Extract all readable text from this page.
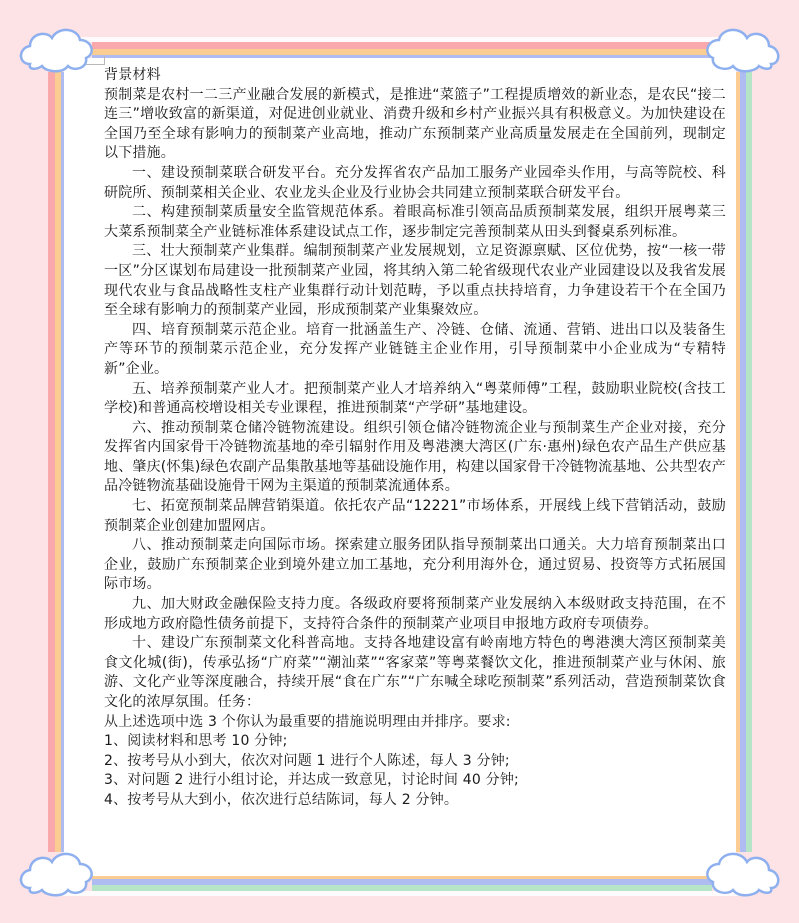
背景材料

预制菜是农村一二三产业融合发展的新模式，是推进“菜篮子”工程提质增效的新业态，是农民“接二连三”增收致富的新渠道，对促进创业就业、消费升级和乡村产业振兴具有积极意义。为加快建设在全国乃至全球有影响力的预制菜产业高地，推动广东预制菜产业高质量发展走在全国前列，现制定以下措施。

一、建设预制菜联合研发平台。充分发挥省农产品加工服务产业园牵头作用，与高等院校、科研院所、预制菜相关企业、农业龙头企业及行业协会共同建立预制菜联合研发平台。

二、构建预制菜质量安全监管规范体系。着眼高标准引领高品质预制菜发展，组织开展粤菜三大菜系预制菜全产业链标准体系建设试点工作，逐步制定完善预制菜从田头到餐桌系列标准。

三、壮大预制菜产业集群。编制预制菜产业发展规划，立足资源禀赋、区位优势，按“一核一带一区”分区谋划布局建设一批预制菜产业园，将其纳入第二轮省级现代农业产业园建设以及我省发展现代农业与食品战略性支柱产业集群行动计划范畴，予以重点扶持培育，力争建设若干个在全国乃至全球有影响力的预制菜产业园，形成预制菜产业集聚效应。

四、培育预制菜示范企业。培育一批涵盖生产、冷链、仓储、流通、营销、进出口以及装备生产等环节的预制菜示范企业，充分发挥产业链链主企业作用，引导预制菜中小企业成为“专精特新”企业。

五、培养预制菜产业人才。把预制菜产业人才培养纳入“粤菜师傅”工程，鼓励职业院校(含技工学校)和普通高校增设相关专业课程，推进预制菜“产学研”基地建设。

六、推动预制菜仓储冷链物流建设。组织引领仓储冷链物流企业与预制菜生产企业对接，充分发挥省内国家骨干冷链物流基地的牵引辐射作用及粤港澳大湾区(广东·惠州)绿色农产品生产供应基地、肇庆(怀集)绿色农副产品集散基地等基础设施作用，构建以国家骨干冷链物流基地、公共型农产品冷链物流基础设施骨干网为主渠道的预制菜流通体系。

七、拓宽预制菜品牌营销渠道。依托农产品“12221”市场体系，开展线上线下营销活动，鼓励预制菜企业创建加盟网店。

八、推动预制菜走向国际市场。探索建立服务团队指导预制菜出口通关。大力培育预制菜出口企业，鼓励广东预制菜企业到境外建立加工基地，充分利用海外仓，通过贸易、投资等方式拓展国际市场。

九、加大财政金融保险支持力度。各级政府要将预制菜产业发展纳入本级财政支持范围，在不形成地方政府隐性债务前提下，支持符合条件的预制菜产业项目申报地方政府专项债券。

十、建设广东预制菜文化科普高地。支持各地建设富有岭南地方特色的粤港澳大湾区预制菜美食文化城(街)，传承弘扬“广府菜”“潮汕菜”“客家菜”等粤菜餐饮文化，推进预制菜产业与休闲、旅游、文化产业等深度融合，持续开展“食在广东”“广东喊全球吃预制菜”系列活动，营造预制菜饮食文化的浓厚氛围。任务：

从上述选项中选 3 个你认为最重要的措施说明理由并排序。要求:

1、阅读材料和思考 10 分钟;

2、按考号从小到大，依次对问题 1 进行个人陈述，每人 3 分钟;

3、对问题 2 进行小组讨论，并达成一致意见，讨论时间 40 分钟;

4、按考号从大到小，依次进行总结陈词，每人 2 分钟。
